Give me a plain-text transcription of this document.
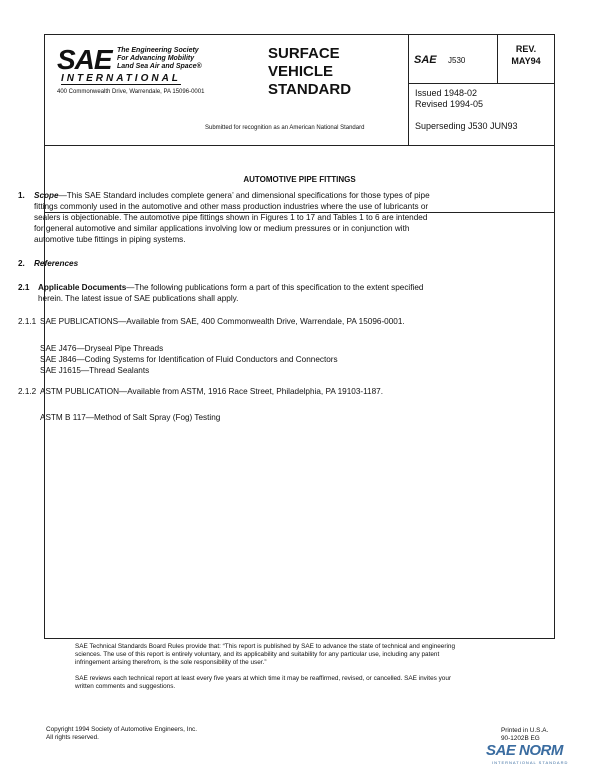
SAE The Engineering Society
For Advancing Mobility
Land Sea Air and Space®
INTERNATIONAL
400 Commonwealth Drive, Warrendale, PA 15096-0001
SURFACE
VEHICLE
STANDARD
Submitted for recognition as an American National Standard
SAE J530
REV.
MAY94
Issued 1948-02
Revised 1994-05
Superseding J530 JUN93
AUTOMOTIVE PIPE FITTINGS
1. Scope—This SAE Standard includes complete genera’ and dimensional specifications for those types of pipe
fittings commonly used in the automotive and other mass production industries where the use of lubricants or
sealers is objectionable. The automotive pipe fittings shown in Figures 1 to 17 and Tables 1 to 6 are intended
for general automotive and similar applications involving low or medium pressures or in conjunction with
automotive tube fittings in piping systems.
2. References
2.1 Applicable Documents—The following publications form a part of this specification to the extent specified
herein. The latest issue of SAE publications shall apply.
2.1.1 SAE PUBLICATIONS—Available from SAE, 400 Commonwealth Drive, Warrendale, PA 15096-0001.
SAE J476—Dryseal Pipe Threads
SAE J846—Coding Systems for Identification of Fluid Conductors and Connectors
SAE J1615—Thread Sealants
2.1.2 ASTM PUBLICATION—Available from ASTM, 1916 Race Street, Philadelphia, PA 19103-1187.
ASTM B 117—Method of Salt Spray (Fog) Testing
SAE Technical Standards Board Rules provide that: “This report is published by SAE to advance the state of technical and engineering
sciences. The use of this report is entirely voluntary, and its applicability and suitability for any particular use, including any patent
infringement arising therefrom, is the sole responsibility of the user.”
SAE reviews each technical report at least every five years at which time it may be reaffirmed, revised, or cancelled. SAE invites your
written comments and suggestions.
Copyright 1994 Society of Automotive Engineers, Inc.
All rights reserved.
Printed in U.S.A.
90-1202B EG
SAE NORM
INTERNATIONAL STANDARD
